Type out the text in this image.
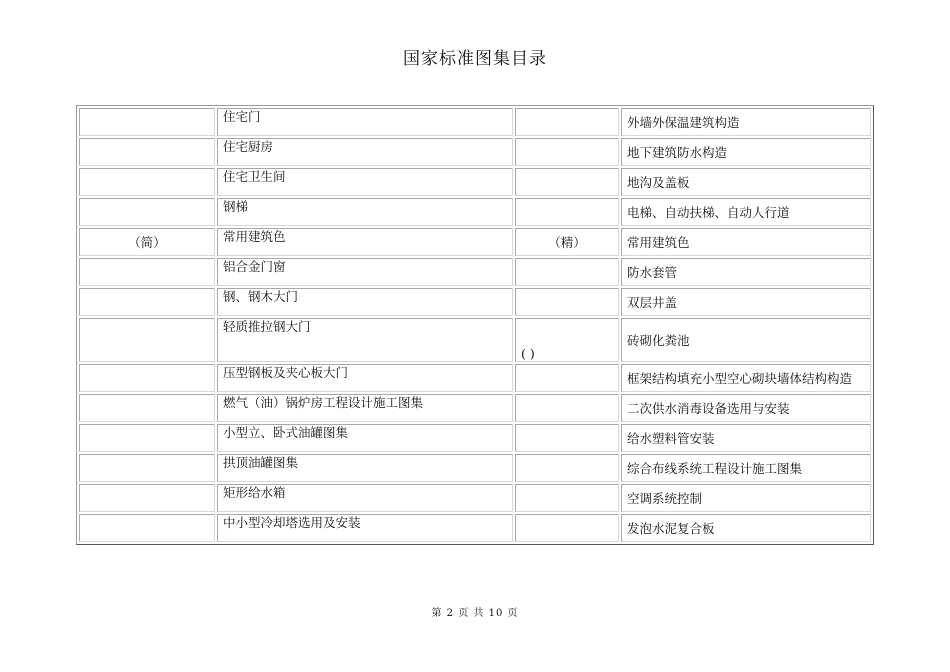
国家标准图集目录
	住宅门		外墙外保温建筑构造
	住宅厨房		地下建筑防水构造
	住宅卫生间		地沟及盖板
	钢梯		电梯、自动扶梯、自动人行道
（简）	常用建筑色	（精）	常用建筑色
	铝合金门窗		防水套管
	钢、钢木大门		双层井盖
	轻质推拉钢大门	( )	砖砌化粪池
	压型钢板及夹心板大门		框架结构填充小型空心砌块墙体结构构造
	燃气（油）锅炉房工程设计施工图集		二次供水消毒设备选用与安装
	小型立、卧式油罐图集		给水塑料管安装
	拱顶油罐图集		综合布线系统工程设计施工图集
	矩形给水箱		空调系统控制
	中小型冷却塔选用及安装		发泡水泥复合板
第 2 页 共 10 页
